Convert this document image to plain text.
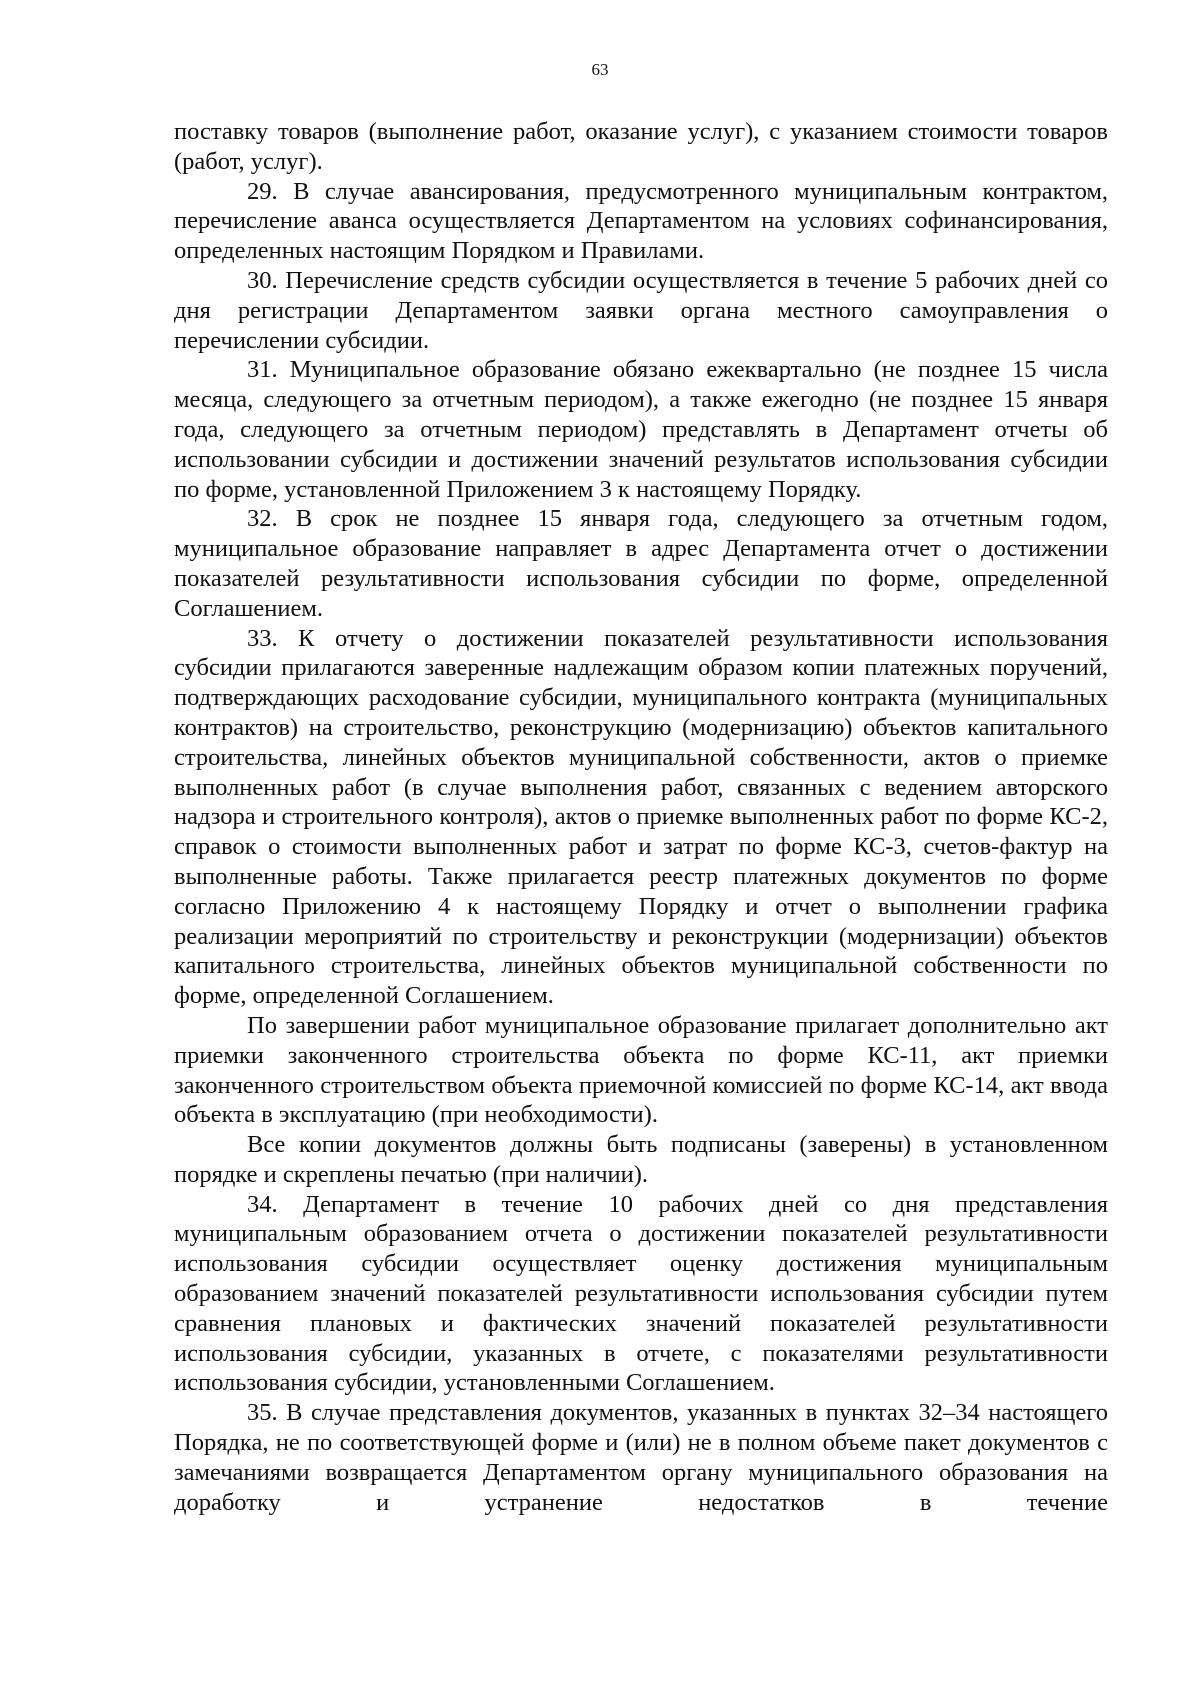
63

поставку товаров (выполнение работ, оказание услуг), с указанием стоимости товаров (работ, услуг).

29. В случае авансирования, предусмотренного муниципальным контрактом, перечисление аванса осуществляется Департаментом на условиях софинансирования, определенных настоящим Порядком и Правилами.

30. Перечисление средств субсидии осуществляется в течение 5 рабочих дней со дня регистрации Департаментом заявки органа местного самоуправления о перечислении субсидии.

31. Муниципальное образование обязано ежеквартально (не позднее 15 числа месяца, следующего за отчетным периодом), а также ежегодно (не позднее 15 января года, следующего за отчетным периодом) представлять в Департамент отчеты об использовании субсидии и достижении значений результатов использования субсидии по форме, установленной Приложением 3 к настоящему Порядку.

32. В срок не позднее 15 января года, следующего за отчетным годом, муниципальное образование направляет в адрес Департамента отчет о достижении показателей результативности использования субсидии по форме, определенной Соглашением.

33. К отчету о достижении показателей результативности использования субсидии прилагаются заверенные надлежащим образом копии платежных поручений, подтверждающих расходование субсидии, муниципального контракта (муниципальных контрактов) на строительство, реконструкцию (модернизацию) объектов капитального строительства, линейных объектов муниципальной собственности, актов о приемке выполненных работ (в случае выполнения работ, связанных с ведением авторского надзора и строительного контроля), актов о приемке выполненных работ по форме КС-2, справок о стоимости выполненных работ и затрат по форме КС-3, счетов-фактур на выполненные работы. Также прилагается реестр платежных документов по форме согласно Приложению 4 к настоящему Порядку и отчет о выполнении графика реализации мероприятий по строительству и реконструкции (модернизации) объектов капитального строительства, линейных объектов муниципальной собственности по форме, определенной Соглашением.

По завершении работ муниципальное образование прилагает дополнительно акт приемки законченного строительства объекта по форме КС-11, акт приемки законченного строительством объекта приемочной комиссией по форме КС-14, акт ввода объекта в эксплуатацию (при необходимости).

Все копии документов должны быть подписаны (заверены) в установленном порядке и скреплены печатью (при наличии).

34. Департамент в течение 10 рабочих дней со дня представления муниципальным образованием отчета о достижении показателей результативности использования субсидии осуществляет оценку достижения муниципальным образованием значений показателей результативности использования субсидии путем сравнения плановых и фактических значений показателей результативности использования субсидии, указанных в отчете, с показателями результативности использования субсидии, установленными Соглашением.

35. В случае представления документов, указанных в пунктах 32–34 настоящего Порядка, не по соответствующей форме и (или) не в полном объеме пакет документов с замечаниями возвращается Департаментом органу муниципального образования на доработку и устранение недостатков в течение
